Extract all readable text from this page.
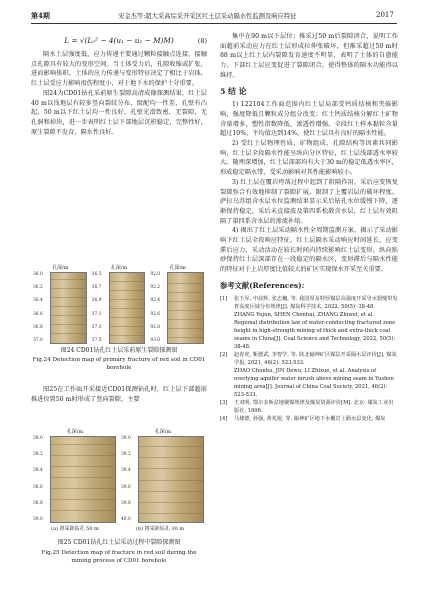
第4期	宋金杰等:超大采高综采开采区红土层采动隔水性监测及响应特征	2017
L = √(L₀² − 4(u₁ − u₂ − M)M)	(8)

隔水土层强度低，应力传递主要通过颗粒接触点连接，接触点孔隙具有较大的变形空间。当土体受力后，孔隙收缩或扩张，进而影响体积。土体的应力传递与变形特征决定了相比于岩体，红土层受应力影响很伤程度小，对于地下水的保护十分重要。

图24为CD01钻孔采前原生裂隙高清成像探测结果，红土层40 m以浅地层有较多竖向裂纹分布，级配均一性差，孔壁有凸起，50 m以下红土层均一性良好，孔壁光滑致密，无裂隙，无孔洞和掉块，进一步表明红土层下部地层沉积稳定，完整性好，原生裂隙不发育，隔水性良好。

孔深/m
36.0
36.2
36.4
36.6
36.8
37.0
孔深/m
36.5
36.7
36.9
37.1
37.3
37.5
孔深/m
92.0
92.2
92.4
92.6
92.8
93.0
图24 CD01钻孔红土层采前原生裂隙探测图
Fig.24 Detection map of primary fracture of red soil in CD01 borehole

图25在工作面开采接近CD01探测钻孔时，红土层下部超前推进位置50 m时形成了竖向裂隙，主要

孔深/m
38.0
38.2
38.4
38.6
38.8
39.0
孔深/m
39.0
39.2
39.4
39.6
39.8
40.0
(a) 推采距钻孔 50 m	(b) 推采距钻孔 30 m
图25 CD01钻孔红土层采动过程中裂隙探测图
Fig.25 Detection map of fracture in red soil during the mining process of CD01 borehole

集中在90 m以下层位；推采过50 m后裂隙闭合，说明工作面超前采动应力在红土层形成拉伸张破坏，但推采超过50 m时88 m以上红土层内裂隙发育速度不明显，表明了土体的自愈能力。下部红土层应变促进了裂隙闭合，使得整体的隔水功能得以维持。

5 结 论

1) 122104工作面范围内红土层局部受钙质结核和夹砾影响，强度降低且颗粒成分组分改变；红土钙质结核分解红土矿物含量增多，塑性指数降低，渗透性增强。全段红土样本黏粒含量超过10%，平均值达到14%，使红土层具有良好的隔水性能。

2) 受红土层物理性质、矿物组成、孔隙结构等因素共同影响，红土层全段隔水性能呈纵向分区特征，红土层浅部透水率较大。随埋深增加，红土层深部均有大于30 m的稳定低透水率区，形成稳定隔水带，受采动影响对其性能影响较小。

3) 红土层在覆岩垮落过程中起到了阻隔作用，采后应变恢复裂隙弥合有效地抑制了裂隙扩展，限制了上覆岩层的破坏程度。萨拉乌苏组含水层水位监测结果显示采后钻孔水位缓慢下降，逐渐保持稳定，采后未直接波及第四系松散含水层，红土层有效阻隔了第四系含水层的渗流补给。

4) 揭出了红土层采动隔水性全周期监测方案，揭示了采动影响下红土层全段响应特征，红土层隔水采动响应时间延长，应变滞后应力，采动活动在较长时间内持续影响红土层变形。纵向贴砂保持红土层深部存在一段稳定的隔水区，变形滞后与隔水性能的特征对于上岩厚度比值较大的矿区实现保水开采至关重要。

参考文献(References):
[1]	张玉军, 申晨辉, 张志巍, 等. 我国厚及特厚煤层高强度开采导水裂缝带发育高度区域分布规律[J]. 煤炭科学技术, 2022, 50(5): 38-48.
ZHANG Yujun, SHEN Chenhui, ZHANG Zhiwei, et al. Regional distribution law of water-conducting fractured zone height in high-strength mining of thick and extra-thick coal seams in China[J]. Coal Science and Technology, 2022, 50(5): 38-48.
[2]	赵春虎, 靳德武, 李智学, 等. 陕北榆神矿区煤层开采隔水层评价[J]. 煤炭学报, 2021, 46(2): 523-533.
ZHAO Chunhu, JIN Dewu, LI Zhixue, et al. Analysis of overlying aquifer water inrush above mining seam in Yushen mining area[J]. Journal of China Coal Society, 2021, 46(2): 523-533.
[3]	王双明. 鄂尔多斯盆地聚煤规律及煤炭资源评价[M]. 北京: 煤炭工业出版社, 1996.
[4]	马雄德, 孙强, 黄兆锟, 等. 榆神矿区地下水覆岩上隔水层变化, 煤炭
